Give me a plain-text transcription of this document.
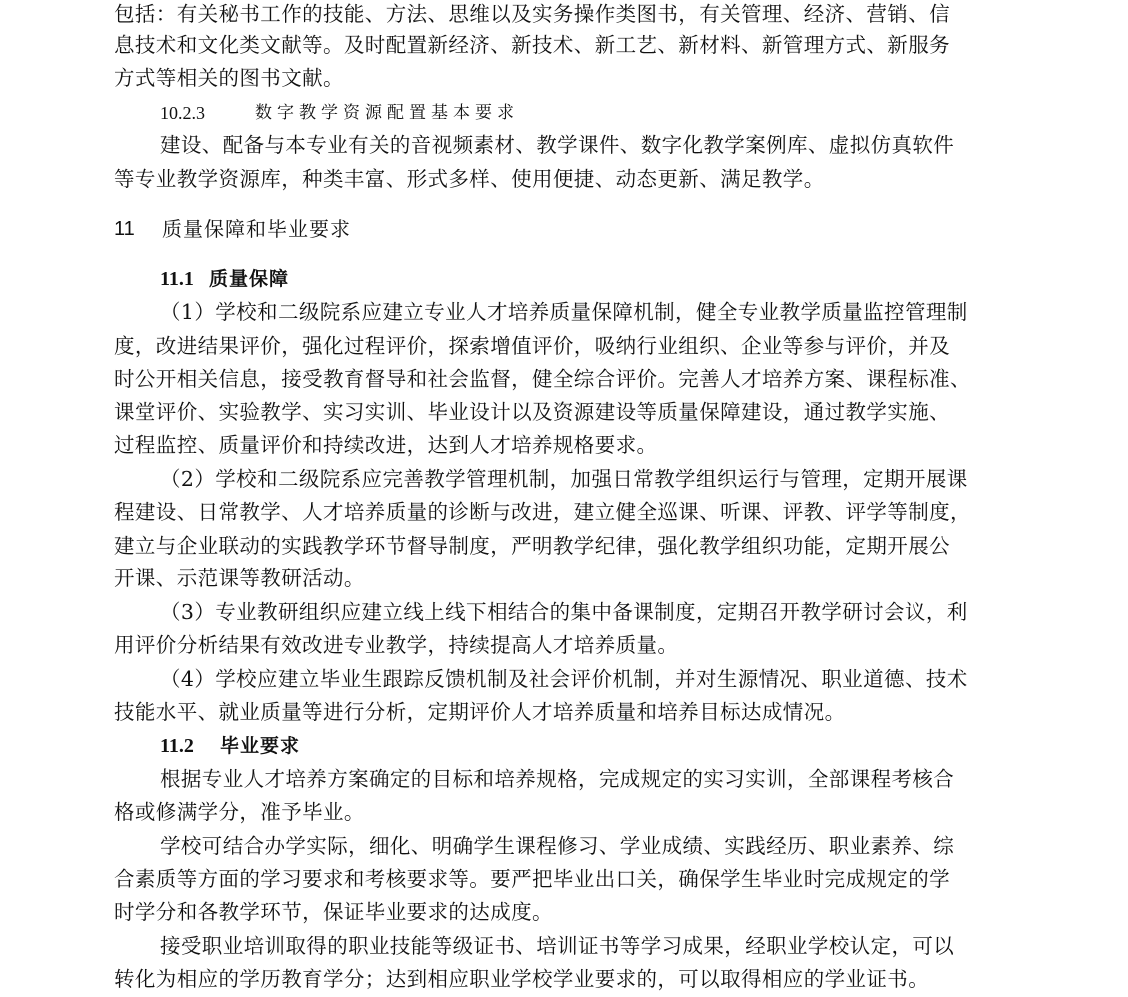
包括：有关秘书工作的技能、方法、思维以及实务操作类图书，有关管理、经济、营销、信
息技术和文化类文献等。及时配置新经济、新技术、新工艺、新材料、新管理方式、新服务
方式等相关的图书文献。
10.2.3	数字教学资源配置基本要求
建设、配备与本专业有关的音视频素材、教学课件、数字化教学案例库、虚拟仿真软件
等专业教学资源库，种类丰富、形式多样、使用便捷、动态更新、满足教学。
11 质量保障和毕业要求
11.1 质量保障
（1）学校和二级院系应建立专业人才培养质量保障机制，健全专业教学质量监控管理制
度，改进结果评价，强化过程评价，探索增值评价，吸纳行业组织、企业等参与评价，并及
时公开相关信息，接受教育督导和社会监督，健全综合评价。完善人才培养方案、课程标准、
课堂评价、实验教学、实习实训、毕业设计以及资源建设等质量保障建设，通过教学实施、
过程监控、质量评价和持续改进，达到人才培养规格要求。
（2）学校和二级院系应完善教学管理机制，加强日常教学组织运行与管理，定期开展课
程建设、日常教学、人才培养质量的诊断与改进，建立健全巡课、听课、评教、评学等制度，
建立与企业联动的实践教学环节督导制度，严明教学纪律，强化教学组织功能，定期开展公
开课、示范课等教研活动。
（3）专业教研组织应建立线上线下相结合的集中备课制度，定期召开教学研讨会议，利
用评价分析结果有效改进专业教学，持续提高人才培养质量。
（4）学校应建立毕业生跟踪反馈机制及社会评价机制，并对生源情况、职业道德、技术
技能水平、就业质量等进行分析，定期评价人才培养质量和培养目标达成情况。
11.2 毕业要求
根据专业人才培养方案确定的目标和培养规格，完成规定的实习实训，全部课程考核合
格或修满学分，准予毕业。
学校可结合办学实际，细化、明确学生课程修习、学业成绩、实践经历、职业素养、综
合素质等方面的学习要求和考核要求等。要严把毕业出口关，确保学生毕业时完成规定的学
时学分和各教学环节，保证毕业要求的达成度。
接受职业培训取得的职业技能等级证书、培训证书等学习成果，经职业学校认定，可以
转化为相应的学历教育学分；达到相应职业学校学业要求的，可以取得相应的学业证书。
